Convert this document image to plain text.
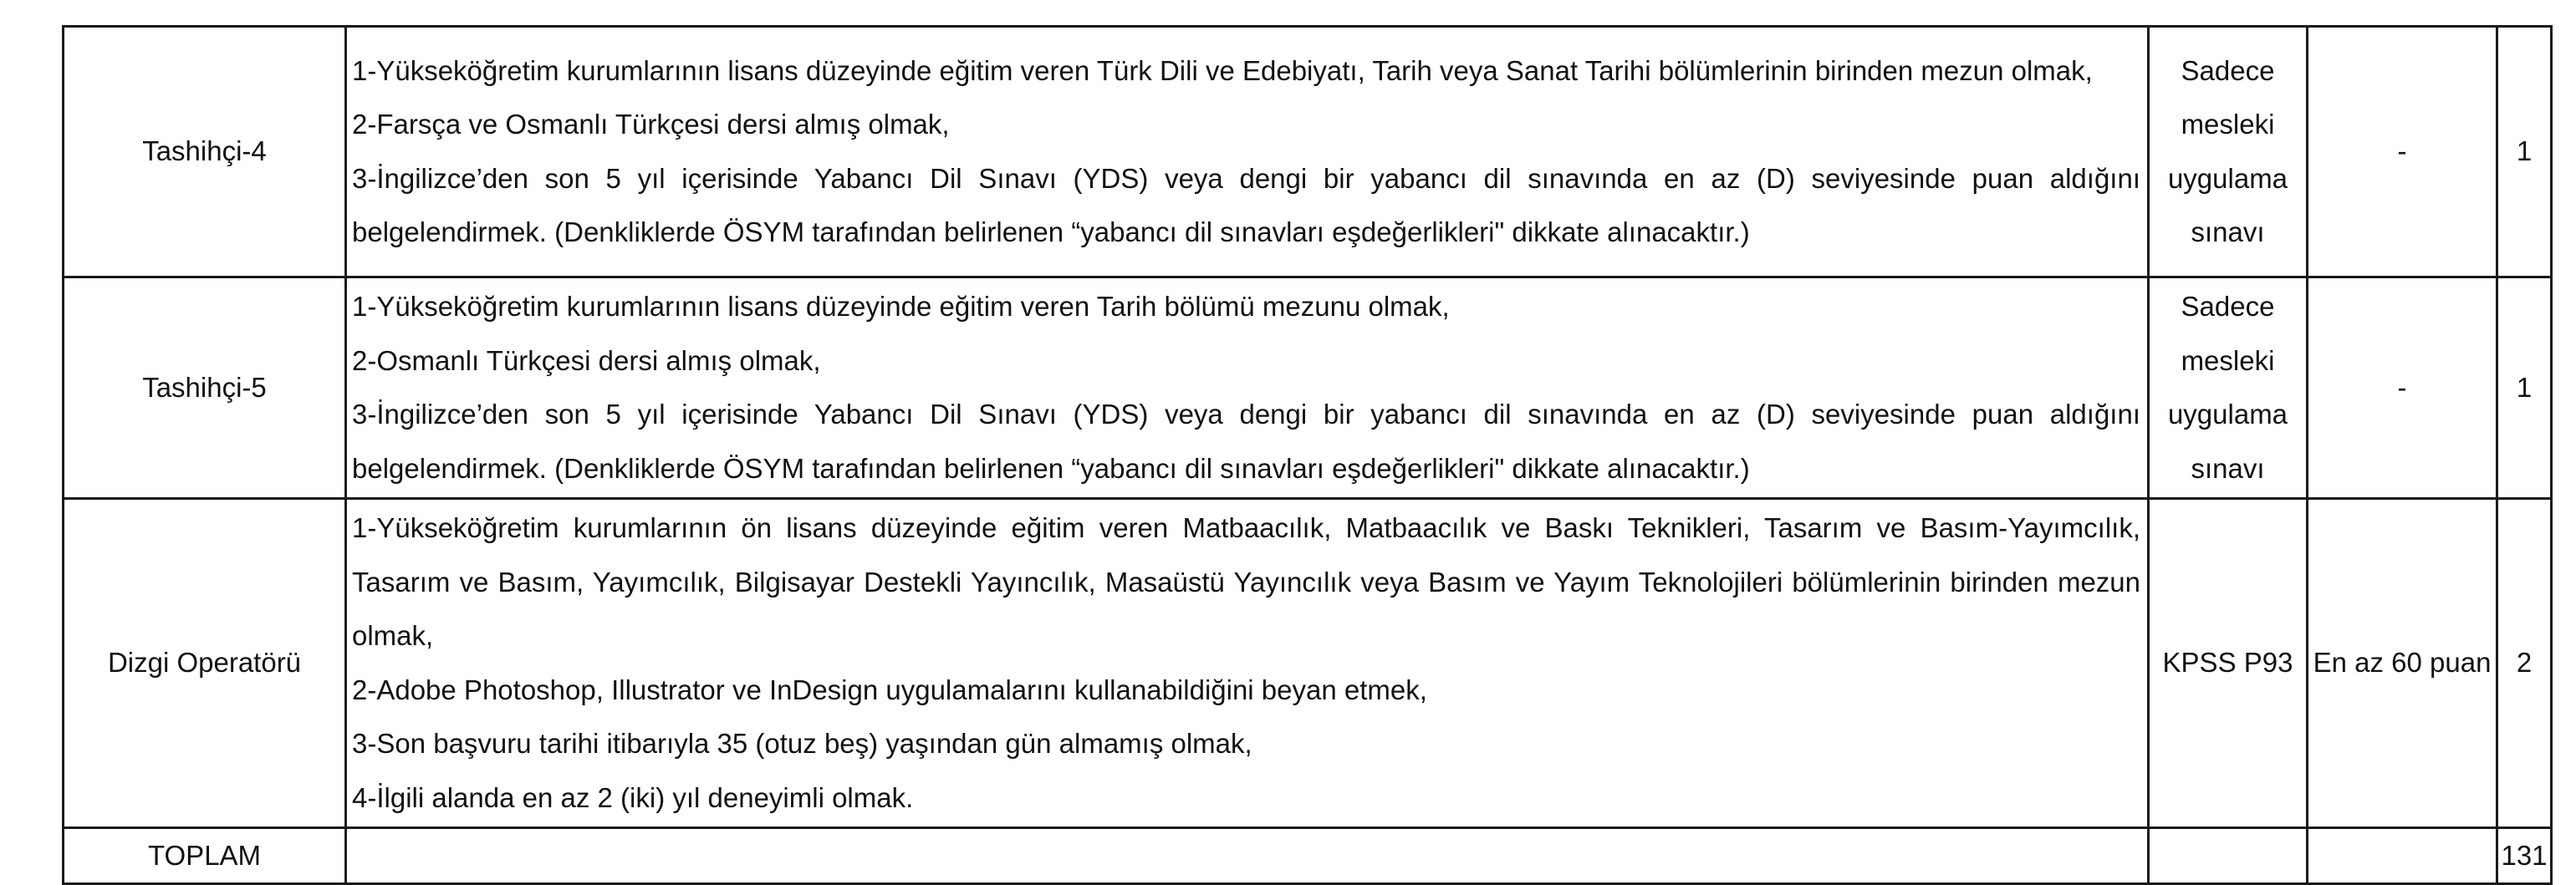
Tashihçi-4	1-Yükseköğretim kurumlarının lisans düzeyinde eğitim veren Türk Dili ve Edebiyatı, Tarih veya Sanat Tarihi bölümlerinin birinden mezun olmak,
2-Farsça ve Osmanlı Türkçesi dersi almış olmak,
3-İngilizce’den son 5 yıl içerisinde Yabancı Dil Sınavı (YDS) veya dengi bir yabancı dil sınavında en az (D) seviyesinde puan aldığını belgelendirmek. (Denkliklerde ÖSYM tarafından belirlenen “yabancı dil sınavları eşdeğerlikleri" dikkate alınacaktır.)	Sadece mesleki uygulama sınavı	-	1
Tashihçi-5	1-Yükseköğretim kurumlarının lisans düzeyinde eğitim veren Tarih bölümü mezunu olmak,
2-Osmanlı Türkçesi dersi almış olmak,
3-İngilizce’den son 5 yıl içerisinde Yabancı Dil Sınavı (YDS) veya dengi bir yabancı dil sınavında en az (D) seviyesinde puan aldığını belgelendirmek. (Denkliklerde ÖSYM tarafından belirlenen “yabancı dil sınavları eşdeğerlikleri" dikkate alınacaktır.)	Sadece mesleki uygulama sınavı	-	1
Dizgi Operatörü	1-Yükseköğretim kurumlarının ön lisans düzeyinde eğitim veren Matbaacılık, Matbaacılık ve Baskı Teknikleri, Tasarım ve Basım-Yayımcılık, Tasarım ve Basım, Yayımcılık, Bilgisayar Destekli Yayıncılık, Masaüstü Yayıncılık veya Basım ve Yayım Teknolojileri bölümlerinin birinden mezun olmak,
2-Adobe Photoshop, Illustrator ve InDesign uygulamalarını kullanabildiğini beyan etmek,
3-Son başvuru tarihi itibarıyla 35 (otuz beş) yaşından gün almamış olmak,
4-İlgili alanda en az 2 (iki) yıl deneyimli olmak.	KPSS P93	En az 60 puan	2
TOPLAM				131
